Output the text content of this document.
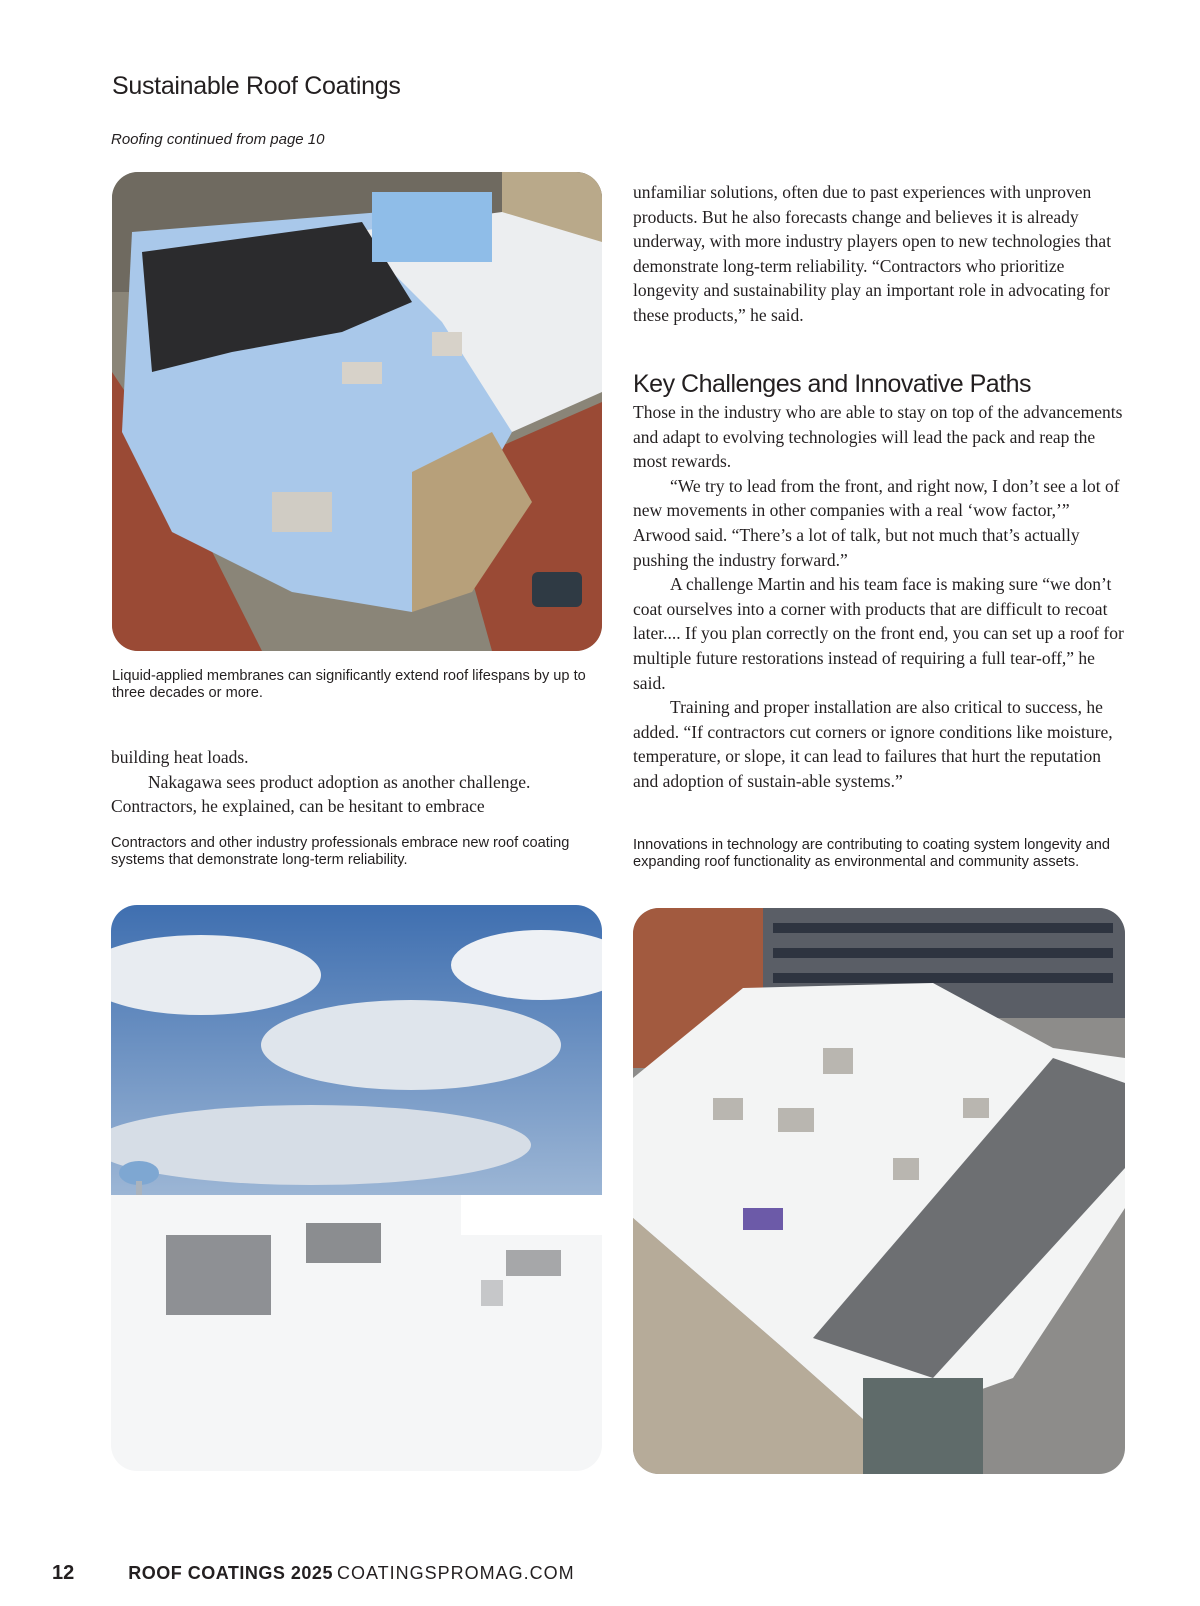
Sustainable Roof Coatings
Roofing continued from page 10
Liquid-applied membranes can significantly extend roof lifespans by up to three decades or more.

building heat loads.

Nakagawa sees product adoption as another challenge. Contractors, he explained, can be hesitant to embrace

Contractors and other industry professionals embrace new roof coating systems that demonstrate long-term reliability.
unfamiliar solutions, often due to past experiences with unproven products. But he also forecasts change and believes it is already underway, with more industry players open to new technologies that demonstrate long-term reliability. “Contractors who prioritize longevity and sustainability play an important role in advocating for these products,” he said.
Key Challenges and Innovative Paths

Those in the industry who are able to stay on top of the advancements and adapt to evolving technologies will lead the pack and reap the most rewards.

“We try to lead from the front, and right now, I don’t see a lot of new movements in other companies with a real ‘wow factor,’” Arwood said. “There’s a lot of talk, but not much that’s actually pushing the industry forward.”

A challenge Martin and his team face is making sure “we don’t coat ourselves into a corner with products that are difficult to recoat later.... If you plan correctly on the front end, you can set up a roof for multiple future restorations instead of requiring a full tear-off,” he said.

Training and proper installation are also critical to success, he added. “If contractors cut corners or ignore conditions like moisture, temperature, or slope, it can lead to failures that hurt the reputation and adoption of sustain-able systems.”

Innovations in technology are contributing to coating system longevity and expanding roof functionality as environmental and community assets.
12	ROOF COATINGS 2025 COATINGSPROMAG.COM
